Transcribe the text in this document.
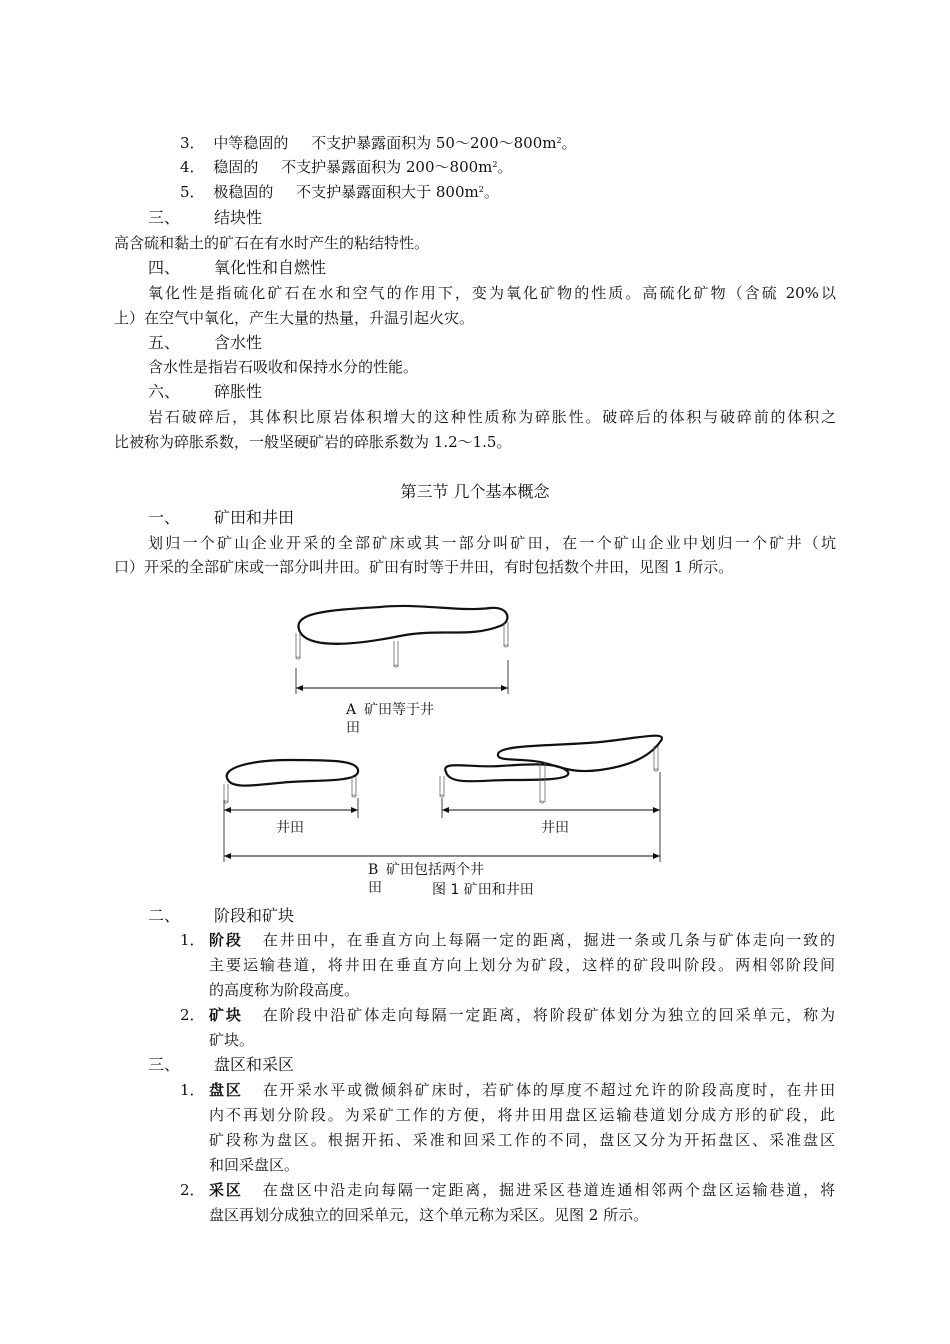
3． 中等稳固的 不支护暴露面积为 $50\sim 200\sim 800m^2$。
4． 稳固的 不支护暴露面积为 $200\sim 800m^2$。
5． 极稳固的 不支护暴露面积大于 $800m^2$。
三、 结块性
高含硫和黏土的矿石在有水时产生的粘结特性。
四、 氧化性和自燃性
氧化性是指硫化矿石在水和空气的作用下，变为氧化矿物的性质。高硫化矿物（含硫 20%以
上）在空气中氧化，产生大量的热量，升温引起火灾。
五、 含水性
含水性是指岩石吸收和保持水分的性能。
六、 碎胀性
岩石破碎后，其体积比原岩体积增大的这种性质称为碎胀性。破碎后的体积与破碎前的体积之
比被称为碎胀系数，一般坚硬矿岩的碎胀系数为 1.2～1.5。
第三节 几个基本概念
一、 矿田和井田
划归一个矿山企业开采的全部矿床或其一部分叫矿田，在一个矿山企业中划归一个矿井（坑
口）开采的全部矿床或一部分叫井田。矿田有时等于井田，有时包括数个井田，见图 1 所示。
A 矿田等于井
田
井田	井田
B 矿田包括两个井
田	图 1 矿田和井田
二、 阶段和矿块
1． 阶段 在井田中，在垂直方向上每隔一定的距离，掘进一条或几条与矿体走向一致的
主要运输巷道，将井田在垂直方向上划分为矿段，这样的矿段叫阶段。两相邻阶段间
的高度称为阶段高度。
2． 矿块 在阶段中沿矿体走向每隔一定距离，将阶段矿体划分为独立的回采单元，称为
矿块。
三、 盘区和采区
1． 盘区 在开采水平或微倾斜矿床时，若矿体的厚度不超过允许的阶段高度时，在井田
内不再划分阶段。为采矿工作的方便，将井田用盘区运输巷道划分成方形的矿段，此
矿段称为盘区。根据开拓、采准和回采工作的不同，盘区又分为开拓盘区、采准盘区
和回采盘区。
2． 采区 在盘区中沿走向每隔一定距离，掘进采区巷道连通相邻两个盘区运输巷道，将
盘区再划分成独立的回采单元，这个单元称为采区。见图 2 所示。
